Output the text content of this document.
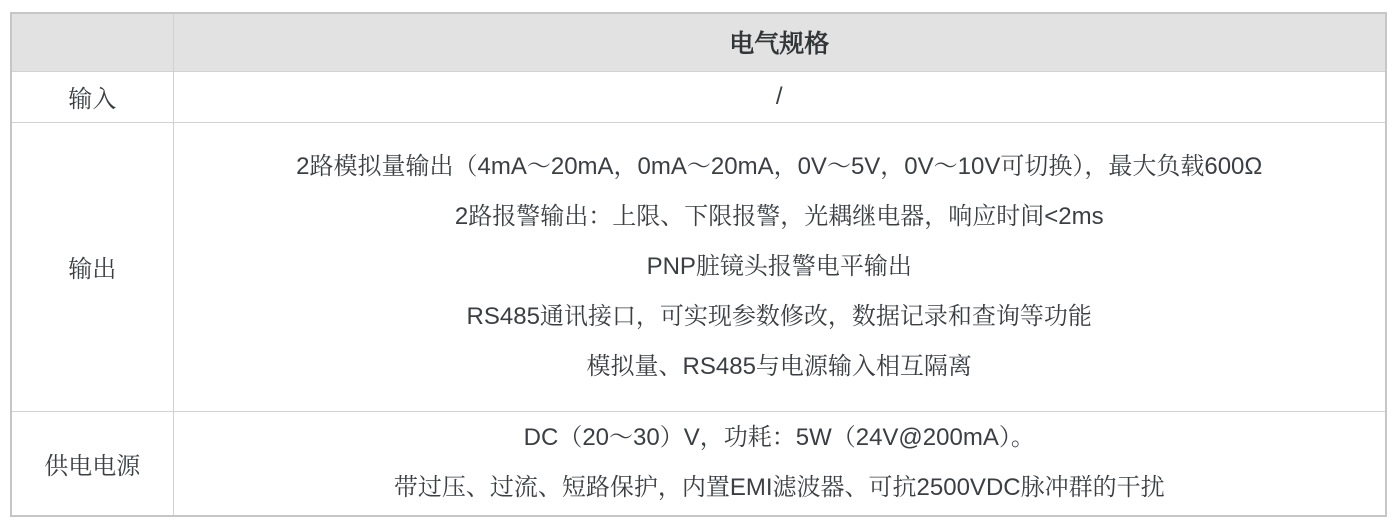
	电气规格
输入	/

输出	2路模拟量输出（4mA～20mA，0mA～20mA，0V～5V，0V～10V可切换），最大负载600Ω
2路报警输出：上限、下限报警，光耦继电器，响应时间<2ms
PNP脏镜头报警电平输出
RS485通讯接口，可实现参数修改，数据记录和查询等功能
模拟量、RS485与电源输入相互隔离

供电电源	DC（20～30）V，功耗：5W（24V@200mA）。
带过压、过流、短路保护，内置EMI滤波器、可抗2500VDC脉冲群的干扰
